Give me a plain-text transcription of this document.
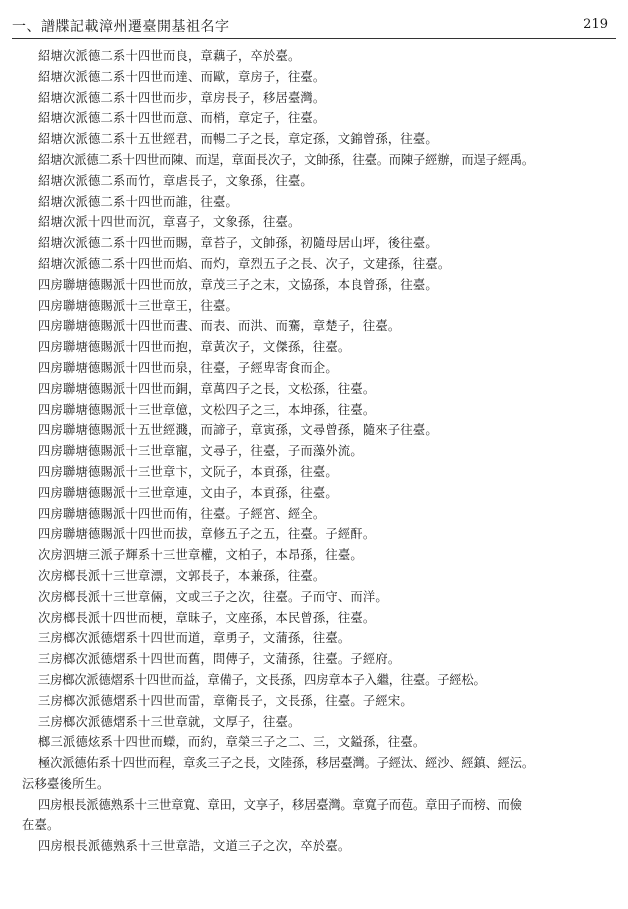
一、譜牒記載漳州遷臺開基祖名字	219
紹塘次派德二系十四世而良，章藕子，卒於臺。
紹塘次派德二系十四世而達、而歐，章房子，往臺。
紹塘次派德二系十四世而步，章房長子，移居臺灣。
紹塘次派德二系十四世而意、而梢，章定子，往臺。
紹塘次派德二系十五世經君，而暢二子之長，章定孫，文錦曾孫，往臺。
紹塘次派德二系十四世而陳、而逞，章面長次子，文帥孫，往臺。而陳子經辦，而逞子經禹。
紹塘次派德二系而竹，章虐長子，文象孫，往臺。
紹塘次派德二系十四世而誰，往臺。
紹塘次派十四世而沉，章喜子，文象孫，往臺。
紹塘次派德二系十四世而賜，章苔子，文帥孫，初隨母居山坪，後往臺。
紹塘次派德二系十四世而焰、而灼，章烈五子之長、次子，文建孫，往臺。
四房聯塘德賜派十四世而放，章茂三子之末，文協孫，本良曾孫，往臺。
四房聯塘德賜派十三世章王，往臺。
四房聯塘德賜派十四世而晝、而表、而洪、而騫，章楚子，往臺。
四房聯塘德賜派十四世而抱，章黃次子，文傑孫，往臺。
四房聯塘德賜派十四世而泉，往臺，子經卑寄食而企。
四房聯塘德賜派十四世而銅，章萬四子之長，文松孫，往臺。
四房聯塘德賜派十三世章億，文松四子之三，本坤孫，往臺。
四房聯塘德賜派十五世經濺，而諦子，章寅孫，文尋曾孫，隨來子往臺。
四房聯塘德賜派十三世章寵，文尋子，往臺，子而藻外流。
四房聯塘德賜派十三世章卞，文阮子，本貢孫，往臺。
四房聯塘德賜派十三世章連，文由子，本貢孫，往臺。
四房聯塘德賜派十四世而侑，往臺。子經宮、經全。
四房聯塘德賜派十四世而拔，章修五子之五，往臺。子經酐。
次房泗塘三派子輝系十三世章權，文柏子，本昂孫，往臺。
次房榔長派十三世章漂，文郭長子，本兼孫，往臺。
次房榔長派十三世章倆，文或三子之次，往臺。子而守、而洋。
次房榔長派十四世而梗，章昧子，文座孫，本民曾孫，往臺。
三房榔次派德熠系十四世而道，章勇子，文蒲孫，往臺。
三房榔次派德熠系十四世而舊，問傳子，文蒲孫，往臺。子經府。
三房榔次派德熠系十四世而益，章備子，文長孫，四房章本子入繼，往臺。子經松。
三房榔次派德熠系十四世而雷，章衛長子，文長孫，往臺。子經宋。
三房榔次派德熠系十三世章就，文厚子，往臺。
榔三派德炫系十四世而蠑，而約，章榮三子之二、三，文鎰孫，往臺。
極次派德佑系十四世而程，章炙三子之長，文陸孫，移居臺灣。子經汰、經沙、經鎮、經沄。
沄移臺後所生。
四房根長派德熟系十三世章寬、章田，文享子，移居臺灣。章寬子而苞。章田子而榜、而儉
在臺。
四房根長派德熟系十三世章誥，文道三子之次，卒於臺。
